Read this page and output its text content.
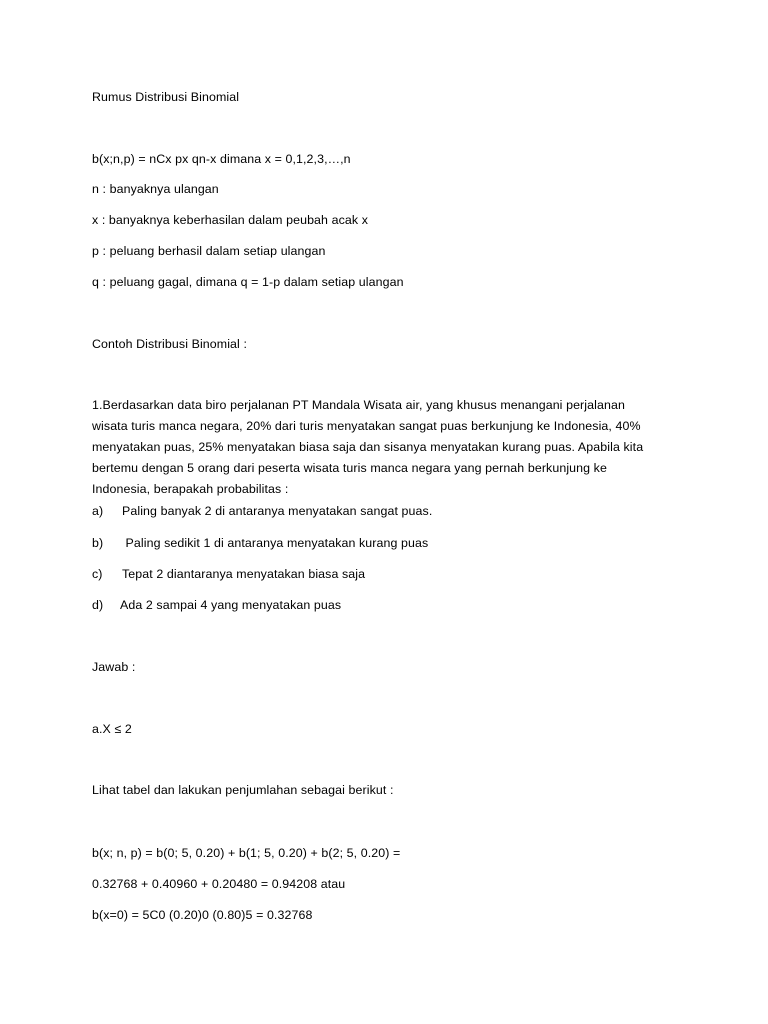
Rumus Distribusi Binomial

b(x;n,p) = nCx px qn-x dimana x = 0,1,2,3,…,n

n : banyaknya ulangan

x : banyaknya keberhasilan dalam peubah acak x

p : peluang berhasil dalam setiap ulangan

q : peluang gagal, dimana q = 1-p dalam setiap ulangan

Contoh Distribusi Binomial :

1.Berdasarkan data biro perjalanan PT Mandala Wisata air, yang khusus menangani perjalanan wisata turis manca negara, 20% dari turis menyatakan sangat puas berkunjung ke Indonesia, 40% menyatakan puas, 25% menyatakan biasa saja dan sisanya menyatakan kurang puas. Apabila kita bertemu dengan 5 orang dari peserta wisata turis manca negara yang pernah berkunjung ke Indonesia, berapakah probabilitas :

a) Paling banyak 2 di antaranya menyatakan sangat puas.
b) Paling sedikit 1 di antaranya menyatakan kurang puas
c) Tepat 2 diantaranya menyatakan biasa saja
d) Ada 2 sampai 4 yang menyatakan puas

Jawab :

a.X ≤ 2

Lihat tabel dan lakukan penjumlahan sebagai berikut :

b(x; n, p) = b(0; 5, 0.20) + b(1; 5, 0.20) + b(2; 5, 0.20) =

0.32768 + 0.40960 + 0.20480 = 0.94208 atau

b(x=0) = 5C0 (0.20)0 (0.80)5 = 0.32768
